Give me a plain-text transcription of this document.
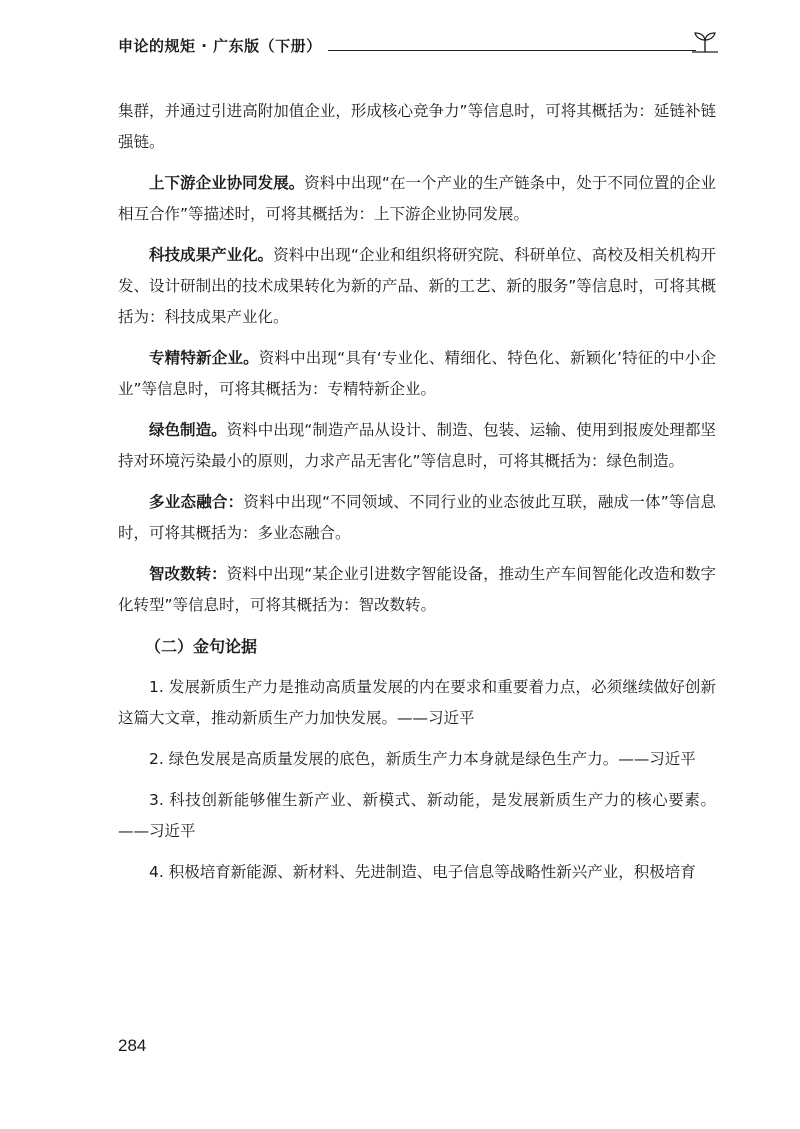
申论的规矩 · 广东版（下册）

集群，并通过引进高附加值企业，形成核心竞争力”等信息时，可将其概括为：延链补链强链。

上下游企业协同发展。资料中出现“在一个产业的生产链条中，处于不同位置的企业相互合作”等描述时，可将其概括为：上下游企业协同发展。

科技成果产业化。资料中出现“企业和组织将研究院、科研单位、高校及相关机构开发、设计研制出的技术成果转化为新的产品、新的工艺、新的服务”等信息时，可将其概括为：科技成果产业化。

专精特新企业。资料中出现“具有‘专业化、精细化、特色化、新颖化’特征的中小企业”等信息时，可将其概括为：专精特新企业。

绿色制造。资料中出现“制造产品从设计、制造、包装、运输、使用到报废处理都坚持对环境污染最小的原则，力求产品无害化”等信息时，可将其概括为：绿色制造。

多业态融合：资料中出现“不同领域、不同行业的业态彼此互联，融成一体”等信息时，可将其概括为：多业态融合。

智改数转：资料中出现“某企业引进数字智能设备，推动生产车间智能化改造和数字化转型”等信息时，可将其概括为：智改数转。

（二）金句论据

1. 发展新质生产力是推动高质量发展的内在要求和重要着力点，必须继续做好创新这篇大文章，推动新质生产力加快发展。——习近平

2. 绿色发展是高质量发展的底色，新质生产力本身就是绿色生产力。——习近平

3. 科技创新能够催生新产业、新模式、新动能，是发展新质生产力的核心要素。——习近平

4. 积极培育新能源、新材料、先进制造、电子信息等战略性新兴产业，积极培育

284
